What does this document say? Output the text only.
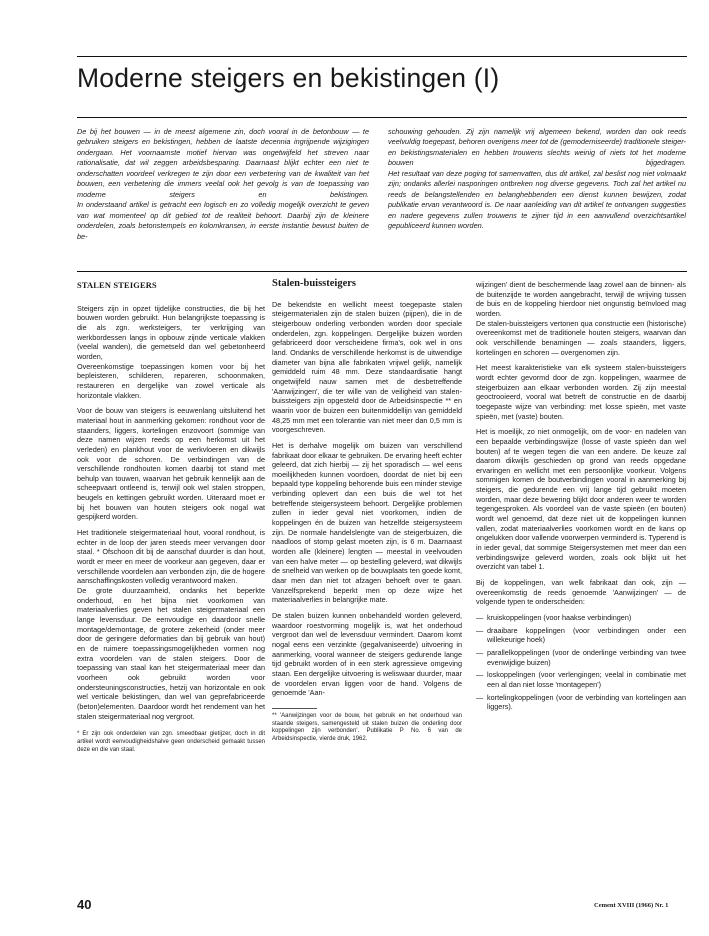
Moderne steigers en bekistingen (I)

De bij het bouwen — in de meest algemene zin, doch vooral in de betonbouw — te gebruiken steigers en bekistingen, hebben de laatste decennia ingrijpende wijzigingen ondergaan. Het voornaamste motief hiervan was ongetwijfeld het streven naar rationalisatie, dat wil zeggen arbeidsbesparing. Daarnaast blijkt echter een niet te onderschatten voordeel verkregen te zijn door een verbetering van de kwaliteit van het bouwen, een verbetering die immers veelal ook het gevolg is van de toepassing van moderne steigers en bekistingen.

In onderstaand artikel is getracht een logisch en zo volledig mogelijk overzicht te geven van wat momenteel op dit gebied tot de realiteit behoort. Daarbij zijn de kleinere onderdelen, zoals betonstempels en kolomkransen, in eerste instantie bewust buiten de be-

schouwing gehouden. Zij zijn namelijk vrij algemeen bekend, worden dan ook reeds veelvuldig toegepast, behoren overigens meer tot de (gemoderniseerde) traditionele steiger- en bekistingsmaterialen en hebben trouwens slechts weinig of niets tot het moderne bouwen bijgedragen.

Het resultaat van deze poging tot samenvatten, dus dit artikel, zal beslist nog niet volmaakt zijn; ondanks allerlei nasporingen ontbreken nog diverse gegevens. Toch zal het artikel nu reeds de belangstellenden en belanghebbenden een dienst kunnen bewijzen, zodat publikatie ervan verantwoord is. De naar aanleiding van dit artikel te ontvangen suggesties en nadere gegevens zullen trouwens te zijner tijd in een aanvullend overzichtsartikel gepubliceerd kunnen worden.

STALEN STEIGERS

Steigers zijn in opzet tijdelijke constructies, die bij het bouwen worden gebruikt. Hun belangrijkste toepassing is die als zgn. werksteigers, ter verkrijging van werkbordessen langs in opbouw zijnde verticale vlakken (veelal wanden), die gemetseld dan wel gebetonheerd worden,

Overeenkomstige toepassingen komen voor bij het bepleisteren, schilderen, repareren, schoonmaken, restaureren en dergelijke van zowel verticale als horizontale vlakken.

Voor de bouw van steigers is eeuwenlang uitsluitend het materiaal hout in aanmerking gekomen: rondhout voor de staanders, liggers, kortelingen enzovoort (sommige van deze namen wijzen reeds op een herkomst uit het verleden) en plankhout voor de werkvloeren en dikwijls ook voor de schoren. De verbindingen van de verschillende rondhouten komen daarbij tot stand met behulp van touwen, waarvan het gebruik kennelijk aan de scheepvaart ontleend is, terwijl ook wel stalen stroppen, beugels en kettingen gebruikt worden. Uiteraard moet er bij het bouwen van houten steigers ook nogal wat gespijkerd worden.

Het traditionele steigermateriaal hout, vooral rondhout, is echter in de loop der jaren steeds meer vervangen door staal. * Ofschoon dit bij de aanschaf duurder is dan hout, wordt er meer en meer de voorkeur aan gegeven, daar er verschillende voordelen aan verbonden zijn, die de hogere aanschaffingskosten volledig verantwoord maken.

De grote duurzaamheid, ondanks het beperkte onderhoud, en het bijna niet voorkomen van materiaalverlies geven het stalen steigermateriaal een lange levensduur. De eenvoudige en daardoor snelle montage/demontage, de grotere zekerheid (onder meer door de geringere deformaties dan bij gebruik van hout) en de ruimere toepassingsmogelijkheden vormen nog extra voordelen van de stalen steigers. Door de toepassing van staal kan het steigermateriaal meer dan voorheen ook gebruikt worden voor ondersteuningsconstructies, hetzij van horizontale en ook wel verticale bekistingen, dan wel van geprefabriceerde (beton)elementen. Daardoor wordt het rendement van het stalen steigermateriaal nog vergroot.

* Er zijn ook onderdelen van zgn. smeedbaar gietijzer, doch in dit artikel wordt eenvoudigheidshalve geen onderscheid gemaakt tussen deze en die van staal.
Stalen-buissteigers

De bekendste en wellicht meest toegepaste stalen steigermaterialen zijn de stalen buizen (pijpen), die in de steigerbouw onderling verbonden worden door speciale onderdelen, zgn. koppelingen. Dergelijke buizen worden gefabriceerd door verscheidene firma's, ook wel in ons land. Ondanks de verschillende herkomst is de uitwendige diameter van bijna alle fabrikaten vrijwel gelijk, namelijk gemiddeld ruim 48 mm. Deze standaardisatie hangt ongetwijfeld nauw samen met de desbetreffende 'Aanwijzingen', die ter wille van de veiligheid van stalen-buissteigers zijn opgesteld door de Arbeidsinspectie ** en waarin voor de buizen een buitenmiddellijn van gemiddeld 48,25 mm met een tolerantie van niet meer dan 0,5 mm is voorgeschreven.

Het is derhalve mogelijk om buizen van verschillend fabrikaat door elkaar te gebruiken. De ervaring heeft echter geleerd, dat zich hierbij — zij het sporadisch — wel eens moeilijkheden kunnen voordoen, doordat de niet bij een bepaald type koppeling behorende buis een minder stevige verbinding oplevert dan een buis die wel tot het betreffende steigersysteem behoort. Dergelijke problemen zullen in ieder geval niet voorkomen, indien de koppelingen én de buizen van hetzelfde steigersysteem zijn. De normale handelslengte van de steigerbuizen, die naadloos of stomp gelast moeten zijn, is 6 m. Daarnaast worden alle (kleinere) lengten — meestal in veelvouden van een halve meter — op bestelling geleverd, wat dikwijls de snelheid van werken op de bouwplaats ten goede komt, daar men dan niet tot afzagen behoeft over te gaan. Vanzelfsprekend beperkt men op deze wijze het materiaalverlies in belangrijke mate.

De stalen buizen kunnen onbehandeld worden geleverd, waardoor roestvorming mogelijk is, wat het onderhoud vergroot dan wel de levensduur vermindert. Daarom komt nogal eens een verzinkte (gegalvaniseerde) uitvoering in aanmerking, vooral wanneer de steigers gedurende lange tijd gebruikt worden of in een sterk agressieve omgeving staan. Een dergelijke uitvoering is weliswaar duurder, maar de voordelen ervan liggen voor de hand. Volgens de genoemde 'Aan-

** 'Aanwijzingen voor de bouw, het gebruik en het onderhoud van staande steigers, samengesteld uit stalen buizen die onderling door koppelingen zijn verbonden'. Publikatie P No. 6 van de Arbeidsinspectie, vierde druk, 1962.

wijzingen' dient de beschermende laag zowel aan de binnen- als de buitenzijde te worden aangebracht, terwijl de wrijving tussen de buis en de koppeling hierdoor niet ongunstig beïnvloed mag worden.

De stalen-buissteigers vertonen qua constructie een (historische) overeenkomst met de traditionele houten steigers, waarvan dan ook verschillende benamingen — zoals staanders, liggers, kortelingen en schoren — overgenomen zijn.

Het meest karakteristieke van elk systeem stalen-buissteigers wordt echter gevormd door de zgn. koppelingen, waarmee de steigerbuizen aan elkaar verbonden worden. Zij zijn meestal geoctrooieerd, vooral wat betreft de constructie en de daarbij toegepaste wijze van verbinding: met losse spieën, met vaste spieën, met (vaste) bouten.

Het is moeilijk, zo niet onmogelijk, om de voor- en nadelen van een bepaalde verbindingswijze (losse of vaste spieën dan wel bouten) af te wegen tegen die van een andere. De keuze zal daarom dikwijls geschieden op grond van reeds opgedane ervaringen en wellicht met een persoonlijke voorkeur. Volgens sommigen komen de boutverbindingen vooral in aanmerking bij steigers, die gedurende een vrij lange tijd gebruikt moeten worden, maar deze bewering blijkt door anderen weer te worden tegengesproken. Als voordeel van de vaste spieën (en bouten) wordt wel genoemd, dat deze niet uit de koppelingen kunnen vallen, zodat materiaalverlies voorkomen wordt en de kans op ongelukken door vallende voorwerpen verminderd is. Typerend is in ieder geval, dat sommige Steigersystemen met meer dan een verbindingswijze geleverd worden, zoals ook blijkt uit het overzicht van tabel 1.

Bij de koppelingen, van welk fabrikaat dan ook, zijn — overeenkomstig de reeds genoemde 'Aanwijzingen' — de volgende typen te onderscheiden:

— kruiskoppelingen (voor haakse verbindingen)
— draaibare koppelingen (voor verbindingen onder een willekeurige hoek)
— parallelkoppelingen (voor de onderlinge verbinding van twee evenwijdige buizen)
— loskoppelingen (voor verlengingen; veelal in combinatie met een al dan niet losse 'montagepen')
— kortelingkoppelingen (voor de verbinding van kortelingen aan liggers).
40	Cement XVIII (1966) Nr. 1
